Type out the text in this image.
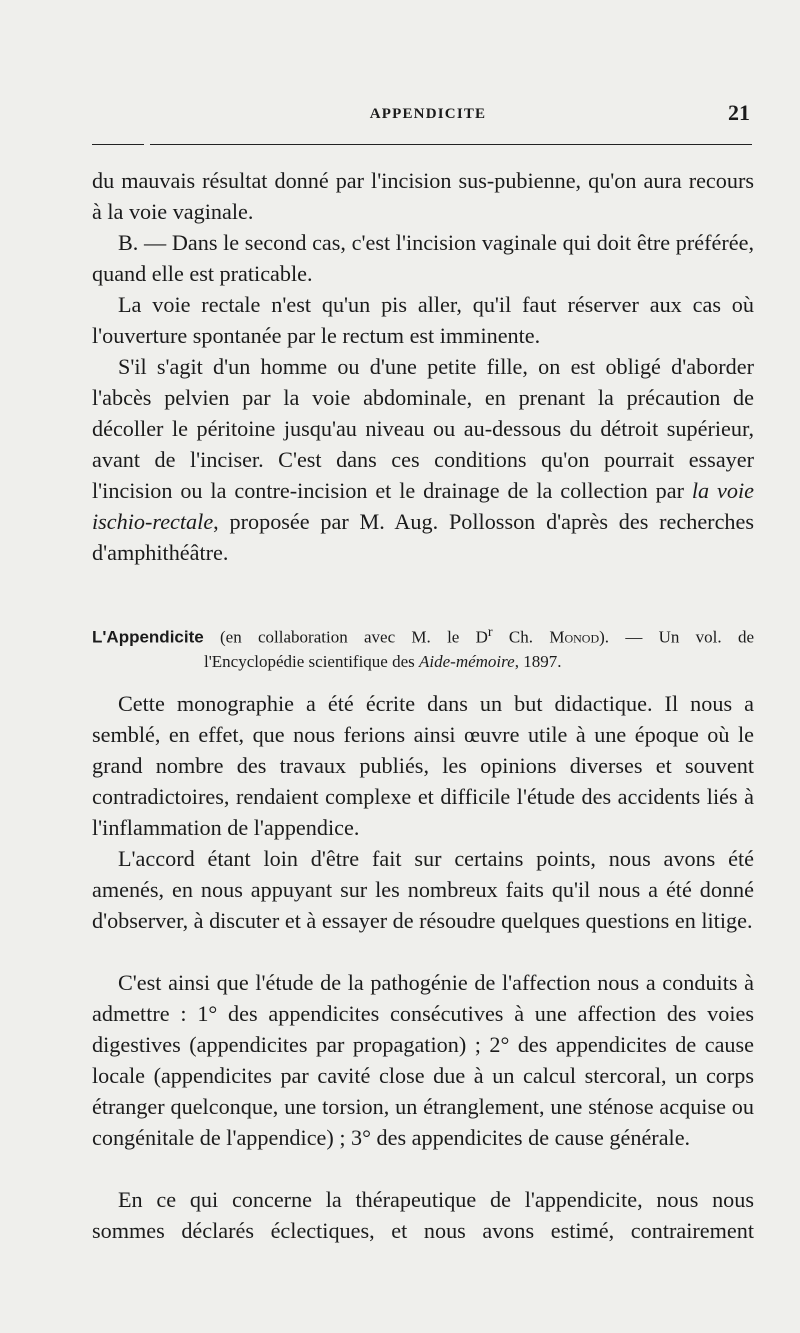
APPENDICITE	21

du mauvais résultat donné par l'incision sus-pubienne, qu'on aura recours à la voie vaginale.

B. — Dans le second cas, c'est l'incision vaginale qui doit être préférée, quand elle est praticable.

La voie rectale n'est qu'un pis aller, qu'il faut réserver aux cas où l'ouverture spontanée par le rectum est imminente.

S'il s'agit d'un homme ou d'une petite fille, on est obligé d'aborder l'abcès pelvien par la voie abdominale, en prenant la précaution de décoller le péritoine jusqu'au niveau ou au-dessous du détroit supérieur, avant de l'inciser. C'est dans ces conditions qu'on pourrait essayer l'incision ou la contre-incision et le drainage de la collection par la voie ischio-rectale, proposée par M. Aug. Pollosson d'après des recherches d'amphithéâtre.

L'Appendicite (en collaboration avec M. le $D^r$ Ch. Monod). — Un vol. de
l'Encyclopédie scientifique des Aide-mémoire, 1897.

Cette monographie a été écrite dans un but didactique. Il nous a semblé, en effet, que nous ferions ainsi œuvre utile à une époque où le grand nombre des travaux publiés, les opinions diverses et souvent contradictoires, rendaient complexe et difficile l'étude des accidents liés à l'inflammation de l'appendice.

L'accord étant loin d'être fait sur certains points, nous avons été amenés, en nous appuyant sur les nombreux faits qu'il nous a été donné d'observer, à discuter et à essayer de résoudre quelques questions en litige.

C'est ainsi que l'étude de la pathogénie de l'affection nous a conduits à admettre : 1° des appendicites consécutives à une affection des voies digestives (appendicites par propagation) ; 2° des appendicites de cause locale (appendicites par cavité close due à un calcul stercoral, un corps étranger quelconque, une torsion, un étranglement, une sténose acquise ou congénitale de l'appendice) ; 3° des appendicites de cause générale.

En ce qui concerne la thérapeutique de l'appendicite, nous nous sommes déclarés éclectiques, et nous avons estimé, contrairement
